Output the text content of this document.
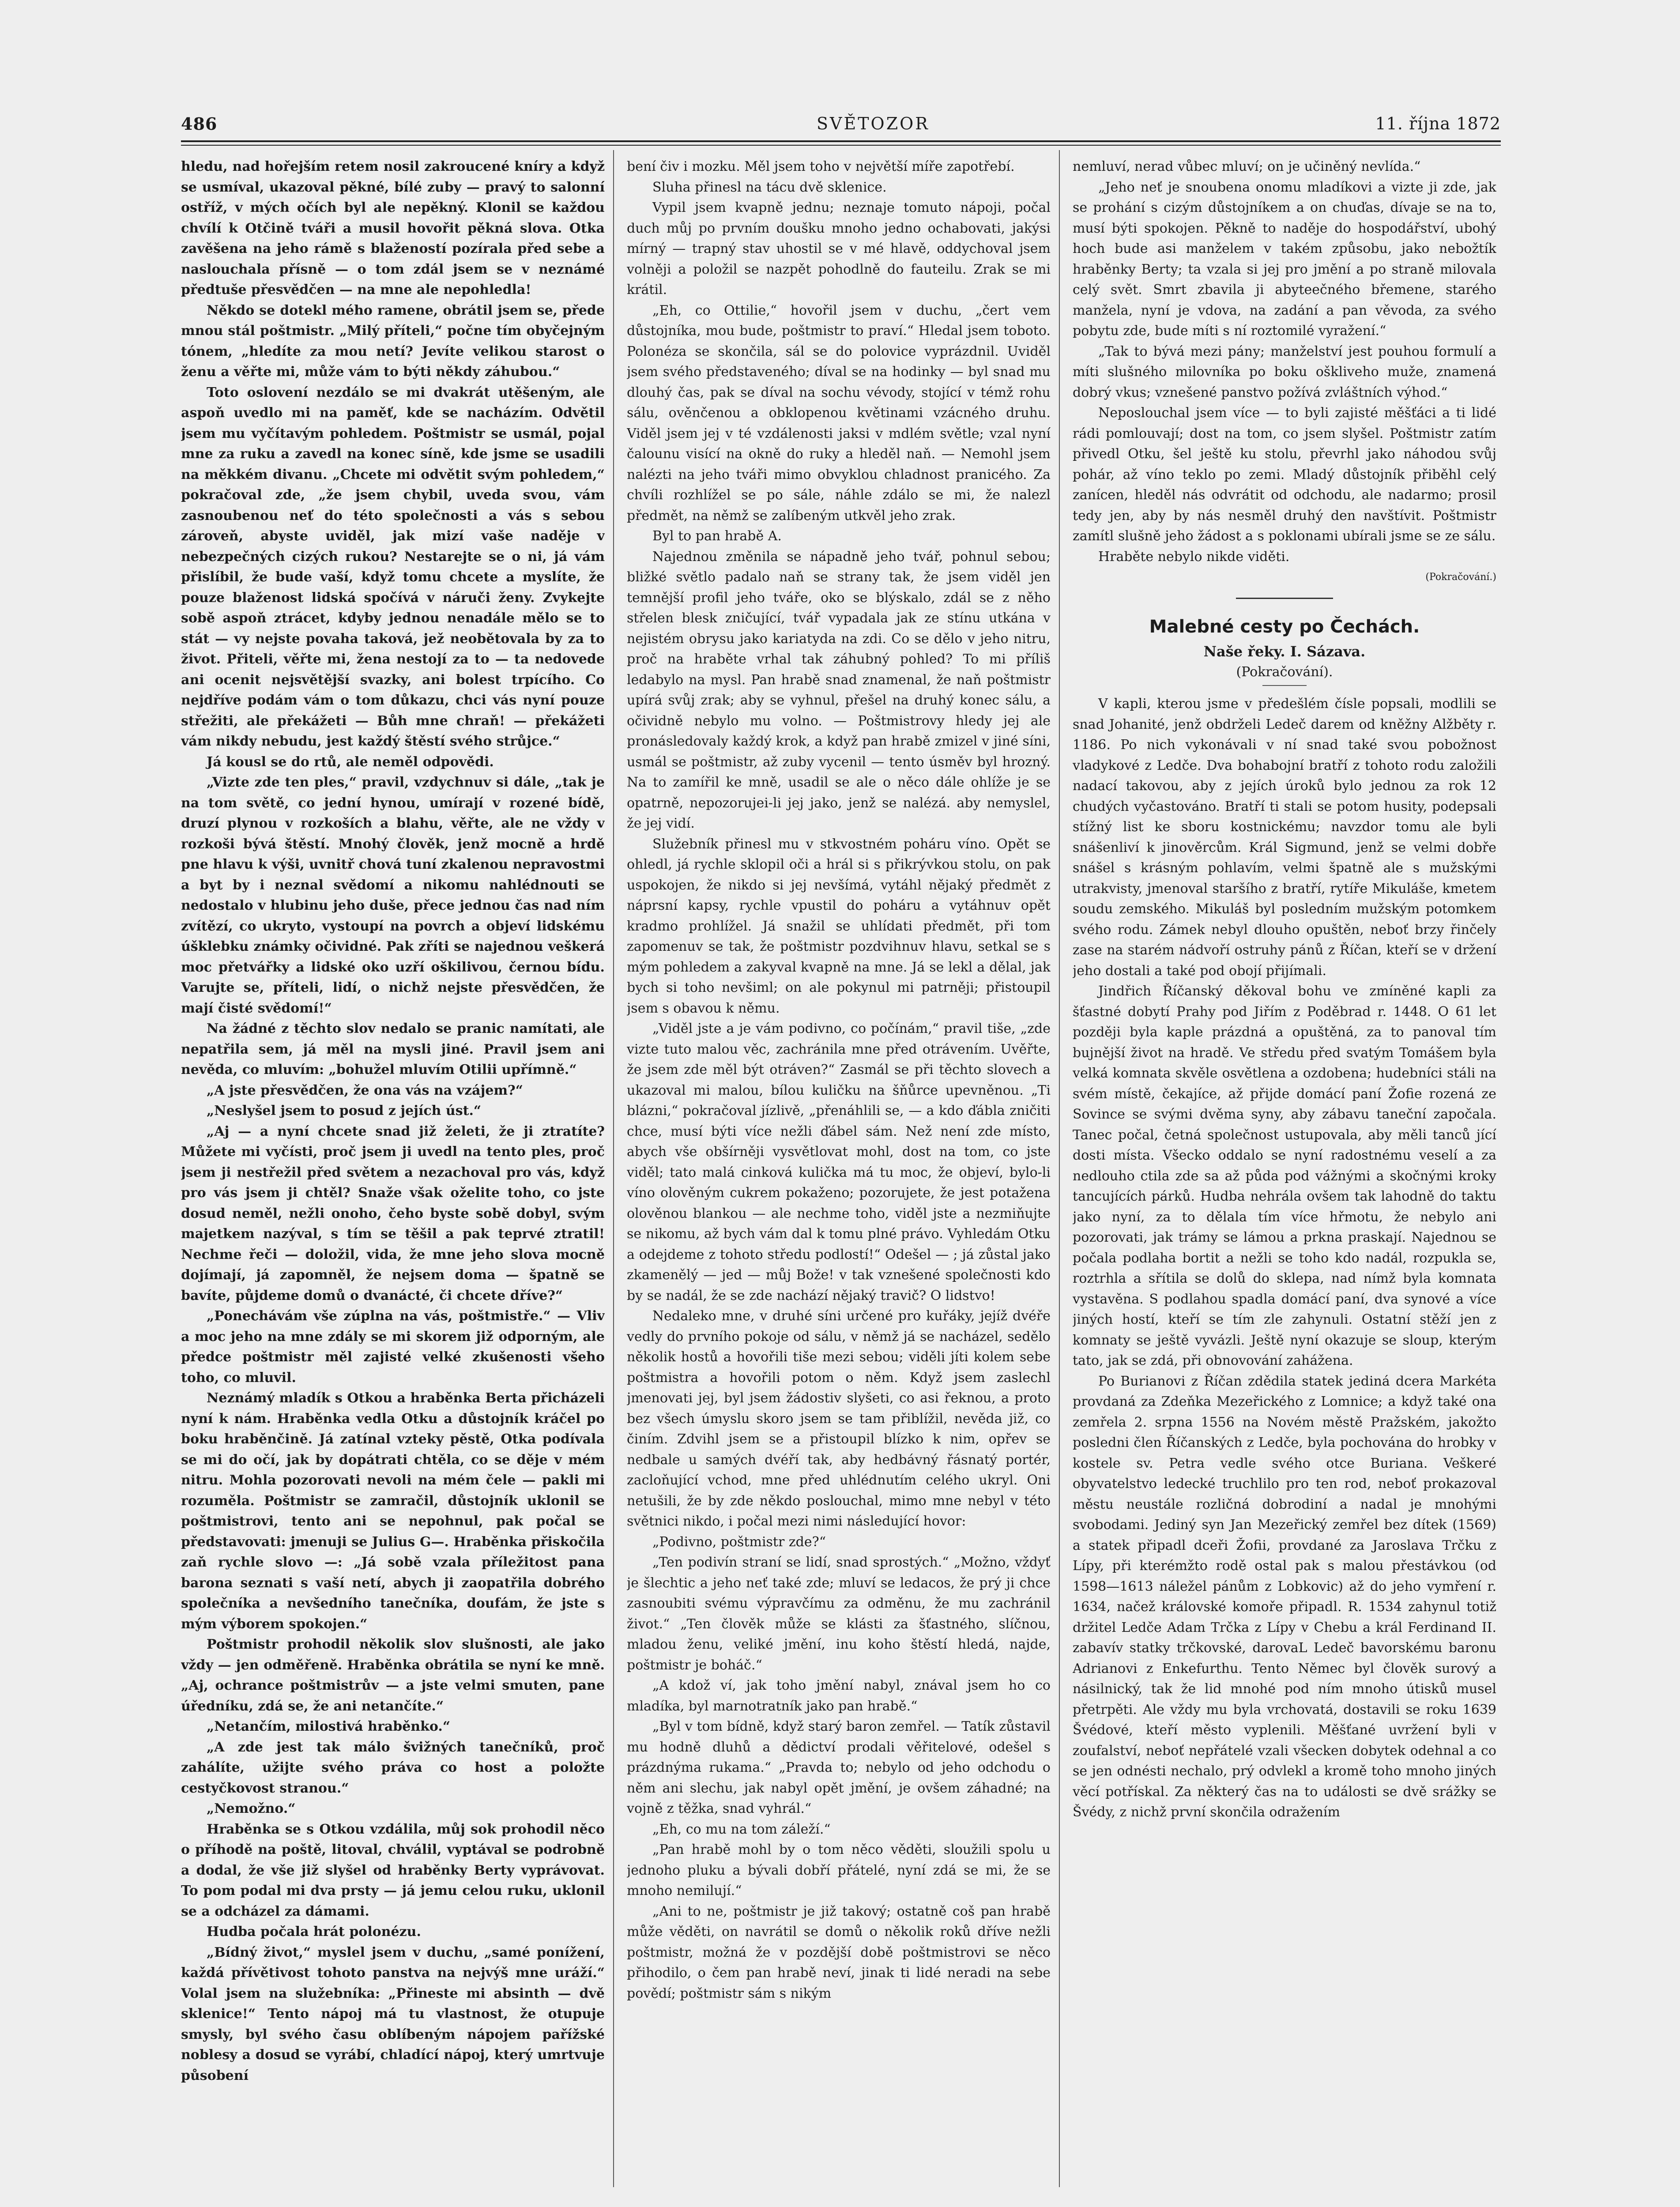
486	SVĚTOZOR	11. října 1872

hledu, nad hořejším retem nosil zakroucené kníry a když se usmíval, ukazoval pěkné, bílé zuby — pravý to salonní ostříž, v mých očích byl ale nepěkný. Klonil se každou chvílí k Otčině tváři a musil hovořit pěkná slova. Otka zavěšena na jeho rámě s blažeností pozírala před sebe a naslouchala přísně — o tom zdál jsem se v neznámé předtuše přesvědčen — na mne ale nepohledla!

Někdo se dotekl mého ramene, obrátil jsem se, přede mnou stál poštmistr. „Milý příteli,“ počne tím obyčejným tónem, „hledíte za mou netí? Jevíte velikou starost o ženu a věřte mi, může vám to býti někdy záhubou.“

Toto oslovení nezdálo se mi dvakrát utěšeným, ale aspoň uvedlo mi na paměť, kde se nacházím. Odvětil jsem mu vyčítavým pohledem. Poštmistr se usmál, pojal mne za ruku a zavedl na konec síně, kde jsme se usadili na měkkém divanu. „Chcete mi odvětit svým pohledem,“ pokračoval zde, „že jsem chybil, uveda svou, vám zasnoubenou neť do této společnosti a vás s sebou zároveň, abyste uviděl, jak mizí vaše naděje v nebezpečných cizých rukou? Nestarejte se o ni, já vám přislíbil, že bude vaší, když tomu chcete a myslíte, že pouze blaženost lidská spočívá v náruči ženy. Zvykejte sobě aspoň ztrácet, kdyby jednou nenadále mělo se to stát — vy nejste povaha taková, jež neobětovala by za to život. Přiteli, věřte mi, žena nestojí za to — ta nedovede ani ocenit nejsvětější svazky, ani bolest trpícího. Co nejdříve podám vám o tom důkazu, chci vás nyní pouze střežiti, ale překážeti — Bůh mne chraň! — překážeti vám nikdy nebudu, jest každý štěstí svého strůjce.“

Já kousl se do rtů, ale neměl odpovědi.

„Vizte zde ten ples,“ pravil, vzdychnuv si dále, „tak je na tom světě, co jední hynou, umírají v rozené bídě, druzí plynou v rozkoších a blahu, věřte, ale ne vždy v rozkoši bývá štěstí. Mnohý člověk, jenž mocně a hrdě pne hlavu k výši, uvnitř chová tuní zkalenou nepravostmi a byt by i neznal svědomí a nikomu nahlédnouti se nedostalo v hlubinu jeho duše, přece jednou čas nad ním zvítězí, co ukryto, vystoupí na povrch a objeví lidskému úšklebku známky očividné. Pak zříti se najednou veškerá moc přetvářky a lidské oko uzří oškilivou, černou bídu. Varujte se, příteli, lidí, o nichž nejste přesvědčen, že mají čisté svědomí!“

Na žádné z těchto slov nedalo se pranic namítati, ale nepatřila sem, já měl na mysli jiné. Pravil jsem ani nevěda, co mluvím: „bohužel mluvím Otilii upřímně.“

„A jste přesvědčen, že ona vás na vzájem?“

„Neslyšel jsem to posud z jejích úst.“

„Aj — a nyní chcete snad již želeti, že ji ztratíte? Můžete mi vyčísti, proč jsem ji uvedl na tento ples, proč jsem ji nestřežil před světem a nezachoval pro vás, když pro vás jsem ji chtěl? Snaže však oželite toho, co jste dosud neměl, nežli onoho, čeho byste sobě dobyl, svým majetkem nazýval, s tím se těšil a pak teprvé ztratil! Nechme řeči — doložil, vida, že mne jeho slova mocně dojímají, já zapomněl, že nejsem doma — špatně se bavíte, půjdeme domů o dvanácté, či chcete dříve?“

„Ponechávám vše zúplna na vás, poštmistře.“ — Vliv a moc jeho na mne zdály se mi skorem již odporným, ale předce poštmistr měl zajisté velké zkušenosti všeho toho, co mluvil.

Neznámý mladík s Otkou a hraběnka Berta přicházeli nyní k nám. Hraběnka vedla Otku a důstojník kráčel po boku hraběnčině. Já zatínal vzteky pěstě, Otka podívala se mi do očí, jak by dopátrati chtěla, co se děje v mém nitru. Mohla pozorovati nevoli na mém čele — pakli mi rozuměla. Poštmistr se zamračil, důstojník uklonil se poštmistrovi, tento ani se nepohnul, pak počal se představovati: jmenuji se Julius G—. Hraběnka přiskočila zaň rychle slovo —: „Já sobě vzala příležitost pana barona seznati s vaší netí, abych ji zaopatřila dobrého společníka a nevšedního tanečníka, doufám, že jste s mým výborem spokojen.“

Poštmistr prohodil několik slov slušnosti, ale jako vždy — jen odměřeně. Hraběnka obrátila se nyní ke mně. „Aj, ochrance poštmistrův — a jste velmi smuten, pane úředníku, zdá se, že ani netančíte.“

„Netančím, milostivá hraběnko.“

„A zde jest tak málo švižných tanečníků, proč zahálíte, užijte svého práva co host a položte cestyčkovost stranou.“

„Nemožno.“

Hraběnka se s Otkou vzdálila, můj sok prohodil něco o příhodě na poště, litoval, chválil, vyptával se podrobně a dodal, že vše již slyšel od hraběnky Berty vyprávovat. To pom podal mi dva prsty — já jemu celou ruku, uklonil se a odcházel za dámami.

Hudba počala hrát polonézu.

„Bídný život,“ myslel jsem v duchu, „samé ponížení, každá přívětivost tohoto panstva na nejvýš mne uráží.“ Volal jsem na služebníka: „Přineste mi absinth — dvě sklenice!“ Tento nápoj má tu vlastnost, že otupuje smysly, byl svého času oblíbeným nápojem pařížské noblesy a dosud se vyrábí, chladící nápoj, který umrtvuje působení

bení čiv i mozku. Měl jsem toho v největší míře zapotřebí.

Sluha přinesl na tácu dvě sklenice.

Vypil jsem kvapně jednu; neznaje tomuto nápoji, počal duch můj po prvním doušku mnoho jedno ochabovati, jakýsi mírný — trapný stav uhostil se v mé hlavě, oddychoval jsem volněji a položil se nazpět pohodlně do fauteilu. Zrak se mi krátil.

„Eh, co Ottilie,“ hovořil jsem v duchu, „čert vem důstojníka, mou bude, poštmistr to praví.“ Hledal jsem toboto. Polonéza se skončila, sál se do polovice vyprázdnil. Uviděl jsem svého představeného; díval se na hodinky — byl snad mu dlouhý čas, pak se díval na sochu vévody, stojící v témž rohu sálu, ověnčenou a obklopenou květinami vzácného druhu. Viděl jsem jej v té vzdálenosti jaksi v mdlém světle; vzal nyní čalounu visící na okně do ruky a hleděl naň. — Nemohl jsem nalézti na jeho tváři mimo obvyklou chladnost pranicého. Za chvíli rozhlížel se po sále, náhle zdálo se mi, že nalezl předmět, na němž se zalíbeným utkvěl jeho zrak.

Byl to pan hrabě A.

Najednou změnila se nápadně jeho tvář, pohnul sebou; bližké světlo padalo naň se strany tak, že jsem viděl jen temnější profil jeho tváře, oko se blýskalo, zdál se z něho střelen blesk zničující, tvář vypadala jak ze stínu utkána v nejistém obrysu jako kariatyda na zdi. Co se dělo v jeho nitru, proč na hraběte vrhal tak záhubný pohled? To mi příliš ledabylo na mysl. Pan hrabě snad znamenal, že naň poštmistr upírá svůj zrak; aby se vyhnul, přešel na druhý konec sálu, a očividně nebylo mu volno. — Poštmistrovy hledy jej ale pronásledovaly každý krok, a když pan hrabě zmizel v jiné síni, usmál se poštmistr, až zuby vycenil — tento úsměv byl hrozný. Na to zamířil ke mně, usadil se ale o něco dále ohlíže je se opatrně, nepozorujei-li jej jako, jenž se nalézá. aby nemyslel, že jej vidí.

Služebník přinesl mu v stkvostném poháru víno. Opět se ohledl, já rychle sklopil oči a hrál si s přikrývkou stolu, on pak uspokojen, že nikdo si jej nevšímá, vytáhl nějaký předmět z náprsní kapsy, rychle vpustil do poháru a vytáhnuv opět kradmo prohlížel. Já snažil se uhlídati předmět, při tom zapomenuv se tak, že poštmistr pozdvihnuv hlavu, setkal se s mým pohledem a zakyval kvapně na mne. Já se lekl a dělal, jak bych si toho nevšiml; on ale pokynul mi patrněji; přistoupil jsem s obavou k němu.

„Viděl jste a je vám podivno, co počínám,“ pravil tiše, „zde vizte tuto malou věc, zachránila mne před otrávením. Uvěřte, že jsem zde měl být otráven?“ Zasmál se při těchto slovech a ukazoval mi malou, bílou kuličku na šňůrce upevněnou. „Ti blázni,“ pokračoval jízlivě, „přenáhlili se, — a kdo ďábla zničiti chce, musí býti více nežli ďábel sám. Než není zde místo, abych vše obšírněji vysvětlovat mohl, dost na tom, co jste viděl; tato malá cinková kulička má tu moc, že objeví, bylo-li víno olověným cukrem pokaženo; pozorujete, že jest potažena olověnou blankou — ale nechme toho, viděl jste a nezmiňujte se nikomu, až bych vám dal k tomu plné právo. Vyhledám Otku a odejdeme z tohoto středu podlostí!“ Odešel — ; já zůstal jako zkamenělý — jed — můj Bože! v tak vznešené společnosti kdo by se nadál, že se zde nachází nějaký travič? O lidstvo!

Nedaleko mne, v druhé síni určené pro kuřáky, jejíž dvéře vedly do prvního pokoje od sálu, v němž já se nacházel, sedělo několik hostů a hovořili tiše mezi sebou; viděli jíti kolem sebe poštmistra a hovořili potom o něm. Když jsem zaslechl jmenovati jej, byl jsem žádostiv slyšeti, co asi řeknou, a proto bez všech úmyslu skoro jsem se tam přiblížil, nevěda již, co činím. Zdvihl jsem se a přistoupil blízko k nim, opřev se nedbale u samých dvéří tak, aby hedbávný řásnatý portér, zacloňující vchod, mne před uhlédnutím celého ukryl. Oni netušili, že by zde někdo poslouchal, mimo mne nebyl v této světnici nikdo, i počal mezi nimi následující hovor:

„Podivno, poštmistr zde?“

„Ten podivín straní se lidí, snad sprostých.“ „Možno, vždyť je šlechtic a jeho neť také zde; mluví se ledacos, že prý ji chce zasnoubiti svému výpravčímu za odměnu, že mu zachránil život.“ „Ten člověk může se klásti za šťastného, slíčnou, mladou ženu, veliké jmění, inu koho štěstí hledá, najde, poštmistr je boháč.“

„A kdož ví, jak toho jmění nabyl, znával jsem ho co mladíka, byl marnotratník jako pan hrabě.“

„Byl v tom bídně, když starý baron zemřel. — Tatík zůstavil mu hodně dluhů a dědictví prodali věřitelové, odešel s prázdnýma rukama.“ „Pravda to; nebylo od jeho odchodu o něm ani slechu, jak nabyl opět jmění, je ovšem záhadné; na vojně z těžka, snad vyhrál.“

„Eh, co mu na tom záleží.“

„Pan hrabě mohl by o tom něco věděti, sloužili spolu u jednoho pluku a bývali dobří přátelé, nyní zdá se mi, že se mnoho nemilují.“

„Ani to ne, poštmistr je již takový; ostatně coš pan hrabě může věděti, on navrátil se domů o několik roků dříve nežli poštmistr, možná že v pozdější době poštmistrovi se něco přihodilo, o čem pan hrabě neví, jinak ti lidé neradi na sebe povědí; poštmistr sám s nikým

nemluví, nerad vůbec mluví; on je učiněný nevlídа.“

„Jeho neť je snoubena onomu mladíkovi a vizte ji zde, jak se prohání s cizým důstojníkem a on chuďas, dívaje se na to, musí býti spokojen. Pěkně to naděje do hospodářství, ubohý hoch bude asi manželem v takém způsobu, jako nebožtík hraběnky Berty; ta vzala si jej pro jmění a po straně milovala celý svět. Smrt zbavila ji abyteečného břemene, starého manžela, nyní je vdova, na zadání a pan věvoda, za svého pobytu zde, bude míti s ní roztomilé vyražení.“

„Tak to bývá mezi pány; manželství jest pouhou formulí a míti slušného milovníka po boku oškliveho muže, znamená dobrý vkus; vznešené panstvo požívá zvláštních výhod.“

Neposlouchal jsem více — to byli zajisté měšťáci a ti lidé rádi pomlouvají; dost na tom, co jsem slyšel. Poštmistr zatím přivedl Otku, šel ještě ku stolu, převrhl jako náhodou svůj pohár, až víno teklo po zemi. Mladý důstojník přiběhl celý zanícen, hleděl nás odvrátit od odchodu, ale nadarmo; prosil tedy jen, aby by nás nesměl druhý den navštívit. Poštmistr zamítl slušně jeho žádost a s poklonami ubírali jsme se ze sálu.

Hraběte nebylo nikde viděti.

(Pokračování.)

Malebné cesty po Čechách.

Naše řeky. I. Sázava.

(Pokračování).

V kapli, kterou jsme v předešlém čísle popsali, modlili se snad Johanité, jenž obdrželi Ledeč darem od kněžny Alžběty r. 1186. Po nich vykonávali v ní snad také svou pobožnost vladykové z Ledče. Dva bohabojní bratří z tohoto rodu založili nadací takovou, aby z jejích úroků bylo jednou za rok 12 chudých vyčastováno. Bratří ti stali se potom husity, podepsali stížný list ke sboru kostnickému; navzdor tomu ale byli snášenliví k jinověrcům. Král Sigmund, jenž se velmi dobře snášel s krásným pohlavím, velmi špatně ale s mužskými utrakvisty, jmenoval staršího z bratří, rytíře Mikuláše, kmetem soudu zemského. Mikuláš byl posledním mužským potomkem svého rodu. Zámek nebyl dlouho opuštěn, neboť brzy řinčely zase na starém nádvoří ostruhy pánů z Říčan, kteří se v držení jeho dostali a také pod obojí přijímali.

Jindřich Říčanský děkoval bohu ve zmíněné kapli za šťastné dobytí Prahy pod Jiřím z Poděbrad r. 1448. O 61 let později byla kaple prázdná a opuštěná, za to panoval tím bujnější život na hradě. Ve středu před svatým Tomášem byla velká komnata skvěle osvětlena a ozdobena; hudebníci stáli na svém místě, čekajíce, až přijde domácí paní Žofie rozená ze Sovince se svými dvěma syny, aby zábavu taneční započala. Tanec počal, četná společnost ustupovala, aby měli tanců jící dosti místa. Všecko oddalo se nyní radostnému veselí a za nedlouho ctila zde sa až půda pod vážnými a skočnými kroky tancujících párků. Hudba nehrála ovšem tak lahodně do taktu jako nyní, za to dělala tím více hřmotu, že nebylo ani pozorovati, jak trámy se lámou a prkna praskají. Najednou se počala podlaha bortit a nežli se toho kdo nadál, rozpukla se, roztrhla a sřítila se dolů do sklepa, nad nímž byla komnata vystavěna. S podlahou spadla domácí paní, dva synové a více jiných hostí, kteří se tím zle zahynuli. Ostatní stěží jen z komnaty se ještě vyvázli. Ještě nyní okazuje se sloup, kterým tato, jak se zdá, při obnovování zahážena.

Po Burianovi z Říčan zdědila statek jediná dcera Markéta provdaná za Zdeňka Mezeřického z Lomnice; a když také ona zemřela 2. srpna 1556 na Novém městě Pražském, jakožto posledni člen Říčanských z Ledče, byla pochována do hrobky v kostele sv. Petra vedle svého otce Buriana. Veškeré obyvatelstvo ledecké truchlilo pro ten rod, neboť prokazoval městu neustále rozličná dobrodiní a nadal je mnohými svobodami. Jediný syn Jan Mezeřický zemřel bez dítek (1569) a statek připadl dceři Žofii, provdané za Jaroslava Trčku z Lípy, při kterémžto rodě ostal pak s malou přestávkou (od 1598—1613 náležel pánům z Lobkovic) až do jeho vymření r. 1634, načež královské komoře připadl. R. 1534 zahynul totiž držitel Ledče Adam Trčka z Lípy v Chebu a král Ferdinand II. zabavív statky trčkovské, darovaL Ledeč bavorskému baronu Adrianovi z Enkefurthu. Tento Němec byl člověk surový a násilnický, tak že lid mnohé pod ním mnoho útisků musel přetrpěti. Ale vždy mu byla vrchovatá, dostavili se roku 1639 Švédové, kteří město vyplenili. Měšťané uvržení byli v zoufalství, neboť nepřátelé vzali všecken dobytek odehnal a co se jen odnésti nechalo, prý odvlekl a kromě toho mnoho jiných věcí potřískal. Za některý čas na to události se dvě srážky se Švédy, z nichž první skončila odražením
